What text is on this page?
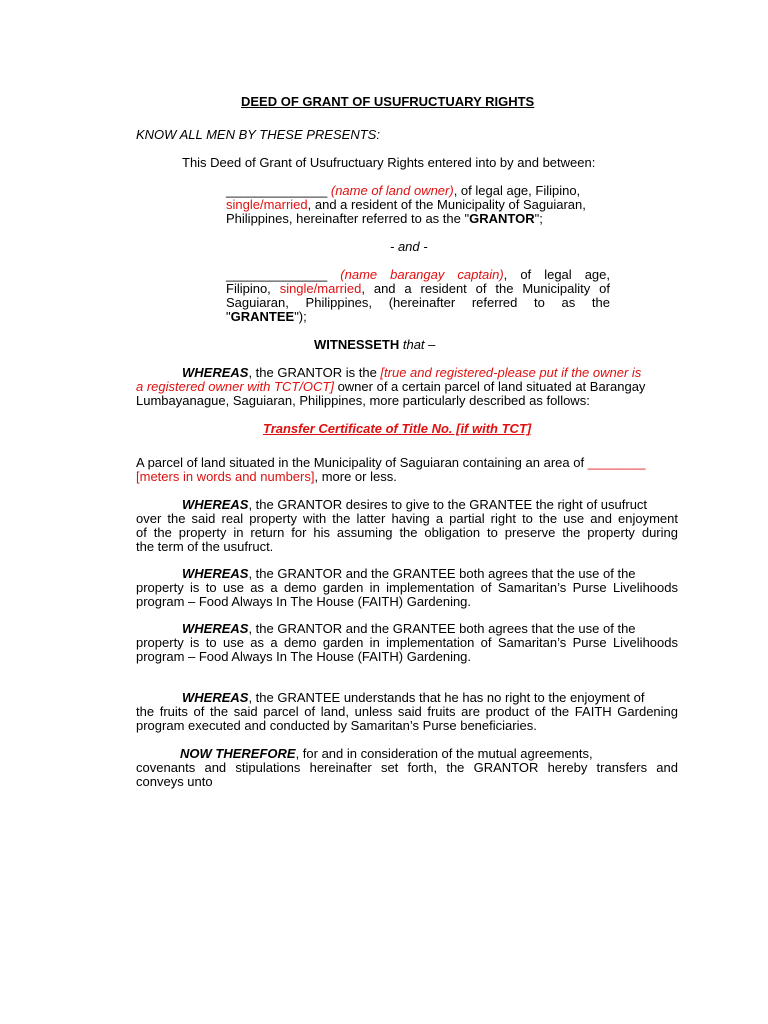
DEED OF GRANT OF USUFRUCTUARY RIGHTS

KNOW ALL MEN BY THESE PRESENTS:

This Deed of Grant of Usufructuary Rights entered into by and between:

______________ (name of land owner), of legal age, Filipino,

single/married, and a resident of the Municipality of Saguiaran,

Philippines, hereinafter referred to as the "GRANTOR";

- and -

______________ (name barangay captain), of legal age,

Filipino, single/married, and a resident of the Municipality of

Saguiaran, Philippines, (hereinafter referred to as the

"GRANTEE");

WITNESSETH that –

WHEREAS, the GRANTOR is the [true and registered-please put if the owner is

a registered owner with TCT/OCT] owner of a certain parcel of land situated at Barangay

Lumbayanague, Saguiaran, Philippines, more particularly described as follows:

Transfer Certificate of Title No. [if with TCT]

A parcel of land situated in the Municipality of Saguiaran containing an area of ________

[meters in words and numbers], more or less.

WHEREAS, the GRANTOR desires to give to the GRANTEE the right of usufruct

over the said real property with the latter having a partial right to the use and enjoyment

of the property in return for his assuming the obligation to preserve the property during

the term of the usufruct.

WHEREAS, the GRANTOR and the GRANTEE both agrees that the use of the

property is to use as a demo garden in implementation of Samaritan’s Purse Livelihoods

program – Food Always In The House (FAITH) Gardening.

WHEREAS, the GRANTOR and the GRANTEE both agrees that the use of the

property is to use as a demo garden in implementation of Samaritan’s Purse Livelihoods

program – Food Always In The House (FAITH) Gardening.

WHEREAS, the GRANTEE understands that he has no right to the enjoyment of

the fruits of the said parcel of land, unless said fruits are product of the FAITH Gardening

program executed and conducted by Samaritan’s Purse beneficiaries.

NOW THEREFORE, for and in consideration of the mutual agreements,

covenants and stipulations hereinafter set forth, the GRANTOR hereby transfers and

conveys unto
